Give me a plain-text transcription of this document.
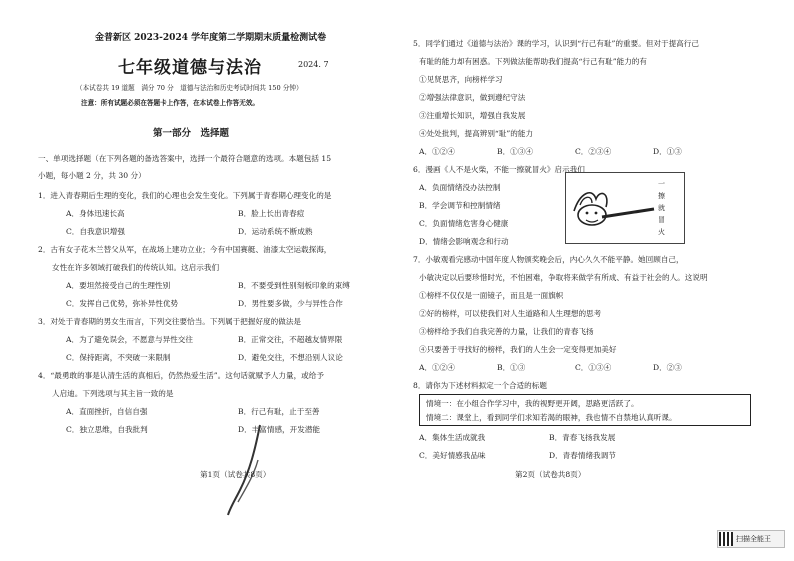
金普新区 2023-2024 学年度第二学期期末质量检测试卷
七年级道德与法治	2024. 7
（本试卷共 19 道题　满分 70 分　道德与法治和历史考试时间共 150 分钟）
注意：所有试题必须在答题卡上作答，在本试卷上作答无效。
第一部分　选择题
一、单项选择题（在下列各题的备选答案中，选择一个最符合题意的选项。本题包括 15
小题，每小题 2 分，共 30 分）
1．进入青春期后生理的变化，我们的心理也会发生变化。下列属于青春期心理变化的是
A．身体迅速长高	B．脸上长出青春痘
C．自我意识增强	D．运动系统不断成熟
2．古有女子花木兰替父从军，在战场上建功立业；今有中国赛艇、油漆太空运载探海，
女性在许多领域打破我们的传统认知。这启示我们
A．要坦然接受自己的生理性别	B．不要受到性别刻板印象的束缚
C．发挥自己优势，弥补异性优势	D．男性要多做，少与异性合作
3．对处于青春期的男女生而言，下列交往要恰当。下列属于把握好度的做法是
A．为了避免误会，不愿意与异性交往	B．正常交往，不超越友情界限
C．保持距离，不突破一来限制	D．避免交往，不想沿别人议论
4．“最勇敢的事是认清生活的真相后，仍然热爱生活”。这句话就赋予人力量，或给予
人启迪。下列选项与其主旨一致的是
A．直面挫折，自信自强	B．行己有耻，止于至善
C．独立思维，自我批判	D．丰富情感，开发潜能
第1页（试卷共8页）
5．同学们通过《道德与法治》课的学习，认识到“行己有耻”的重要。但对于提高行己
有耻的能力却有困惑。下列做法能帮助我们提高“行己有耻”能力的有
①见贤思齐，向榜样学习
②增强法律意识，做到遵纪守法
③注重增长知识，增强自我发展
④处处批判，提高辨别“耻”的能力
A．①②④	B．①③④	C．②③④	D．①③
6．漫画《人不是火柴，不能一擦就冒火》启示我们
A．负面情绪没办法控制
B．学会调节和控制情绪
C．负面情绪危害身心健康
D．情绪会影响观念和行动
一
擦
就
冒
火
7．小敏观看完感动中国年度人物颁奖晚会后，内心久久不能平静。她回顾自己，
小敏决定以后要珍惜时光，不怕困难，争取将来做学有所成、有益于社会的人。这说明
①榜样不仅仅是一面镜子，而且是一面旗帜
②好的榜样，可以使我们对人生道路和人生理想的思考
③榜样给予我们自我完善的力量，让我们的青春飞扬
④只要善于寻找好的榜样，我们的人生会一定变得更加美好
A．①②④	B．①③	C．①③④	D．②③
8．请你为下述材料拟定一个合适的标题
情境一：在小组合作学习中，我的视野更开阔，思路更活跃了。
情境二：课堂上，看到同学们求知若渴的眼神，我也情不自禁地认真听课。
A．集体生活成就我	B．青春飞扬我发展
C．美好情感我品味	D．青春情绪我调节
第2页（试卷共8页）
扫描全能王
